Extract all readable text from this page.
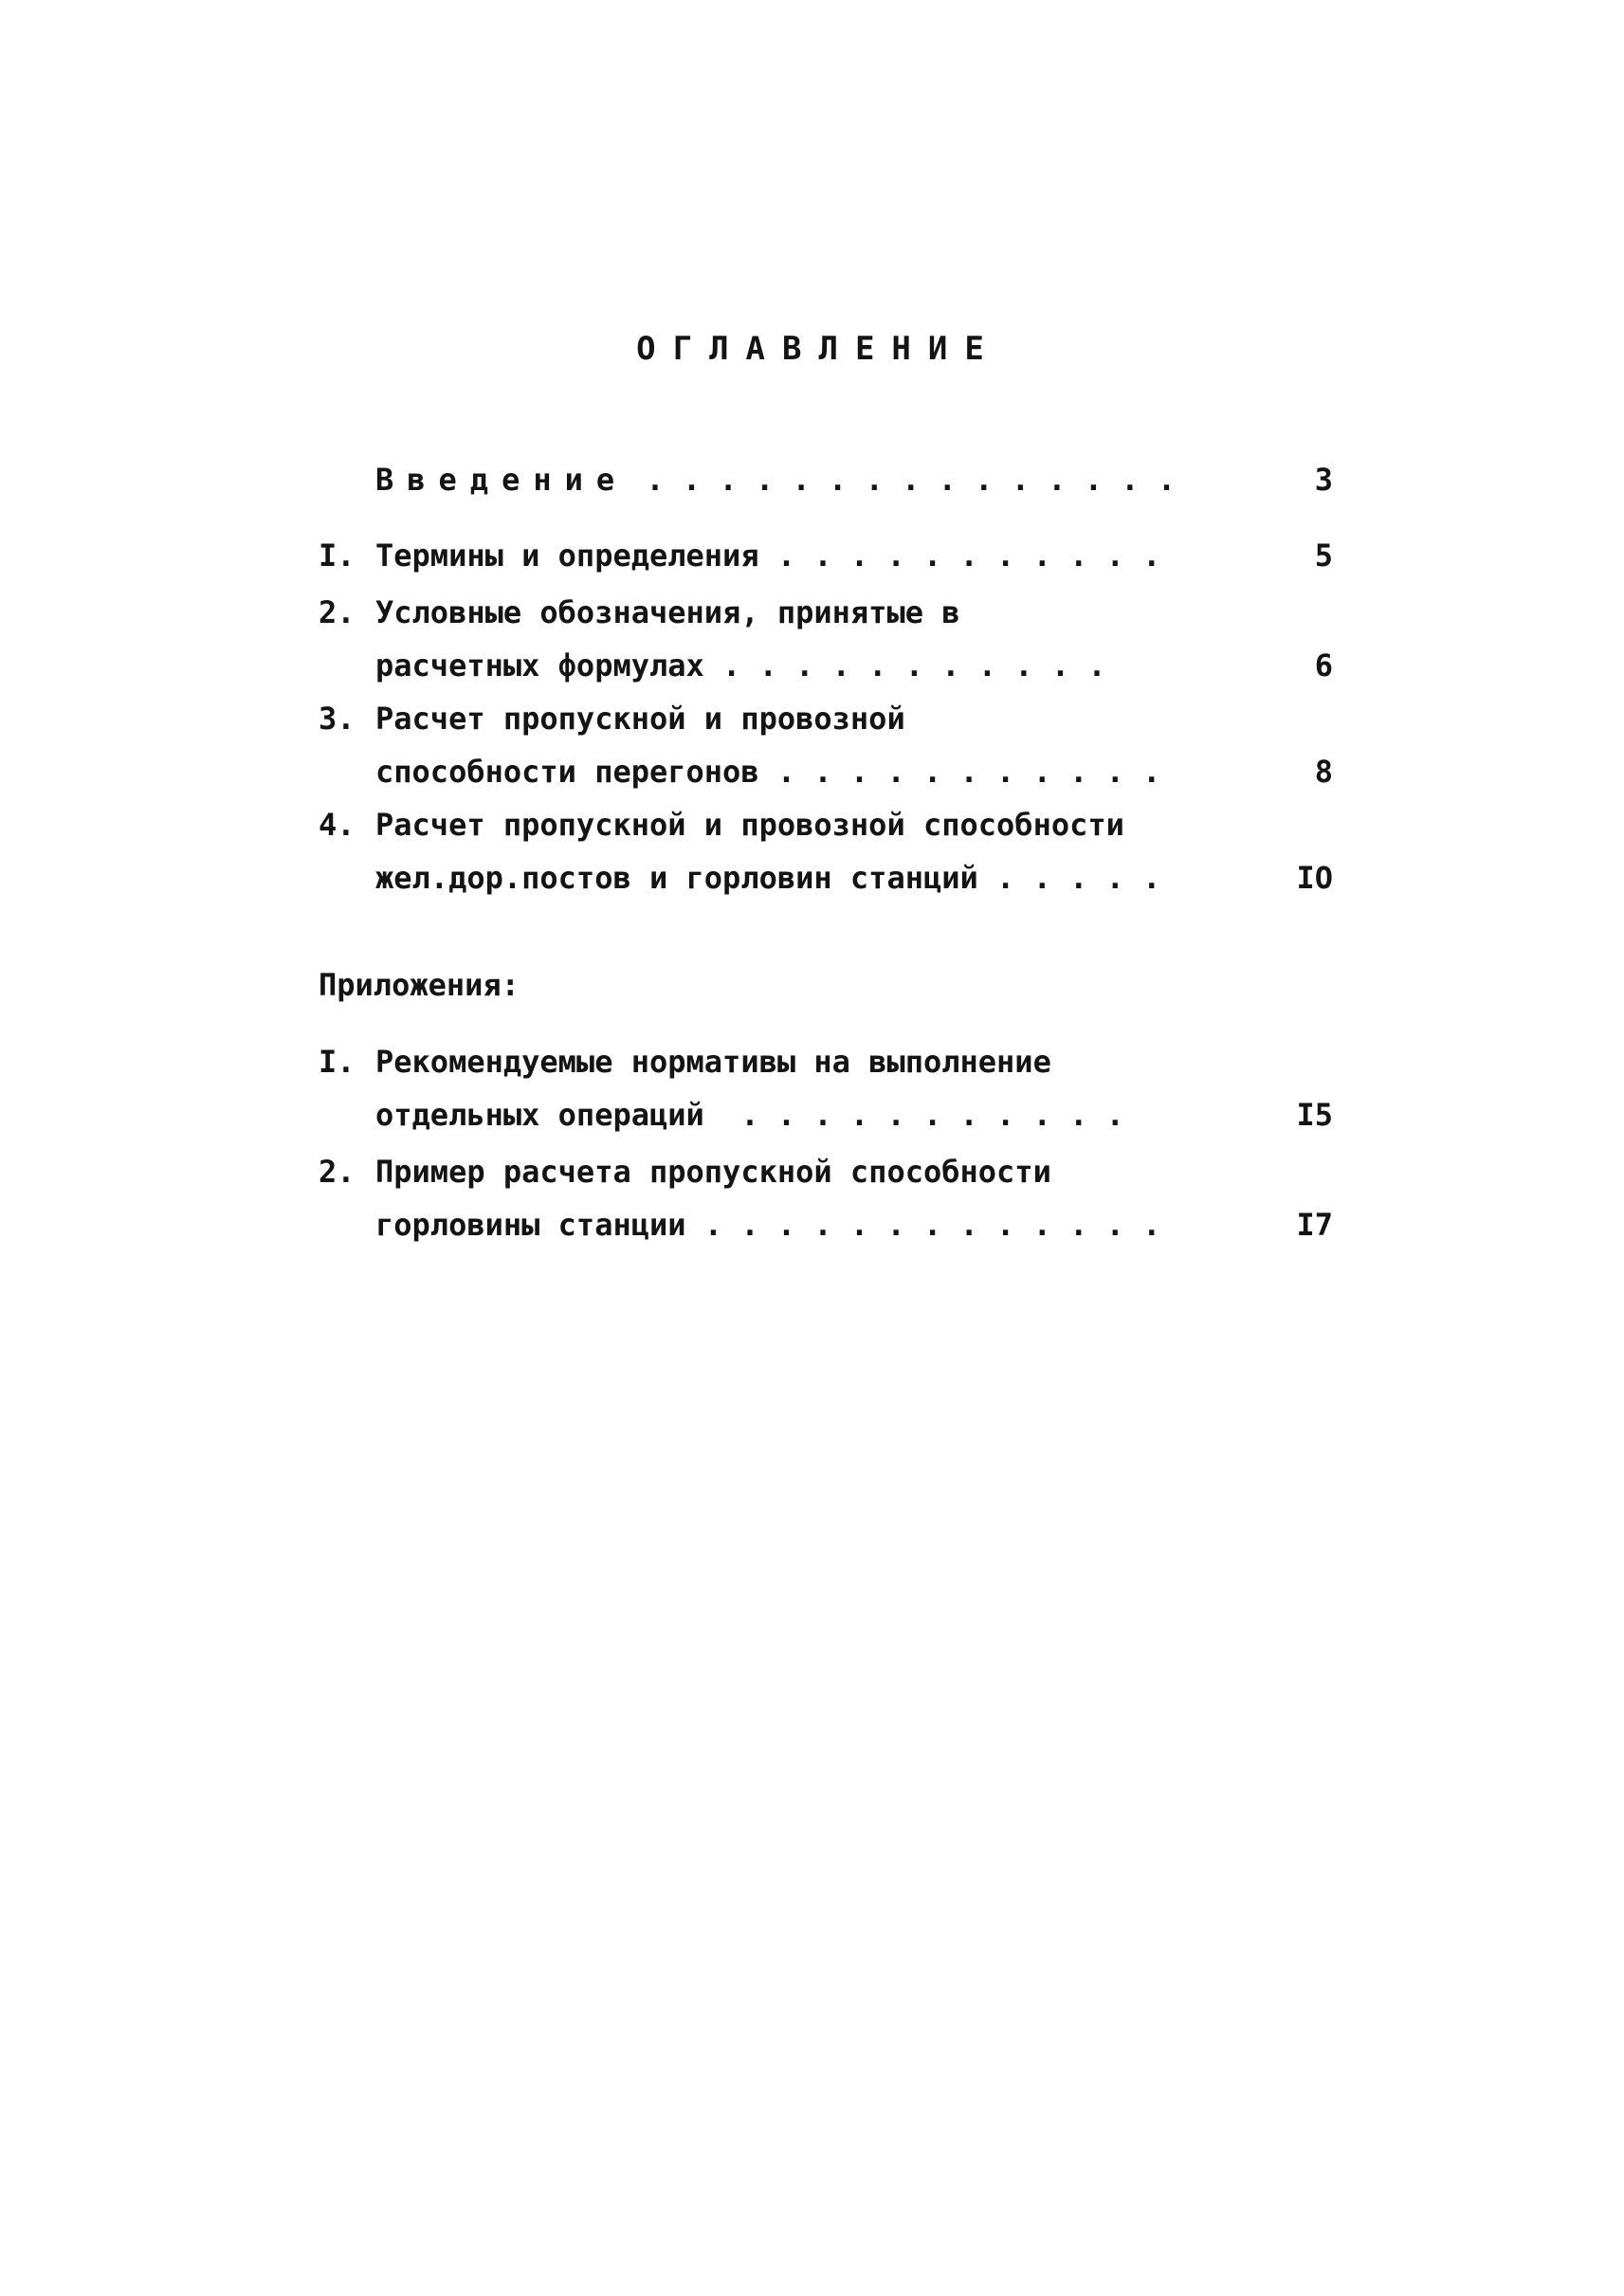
ОГЛАВЛЕНИЕ
Введение . . . . . . . . . . . . . . .	3
I. Термины и определения . . . . . . . . . . .	5
2. Условные обозначения, принятые в
расчетных формулах . . . . . . . . . . .	6
3. Расчет пропускной и провозной
способности перегонов . . . . . . . . . . .	8
4. Расчет пропускной и провозной способности
жел.дор.постов и горловин станций . . . . .	IO
Приложения:
I. Рекомендуемые нормативы на выполнение
отдельных операций . . . . . . . . . . .	I5
2. Пример расчета пропускной способности
горловины станции . . . . . . . . . . . . .	I7
